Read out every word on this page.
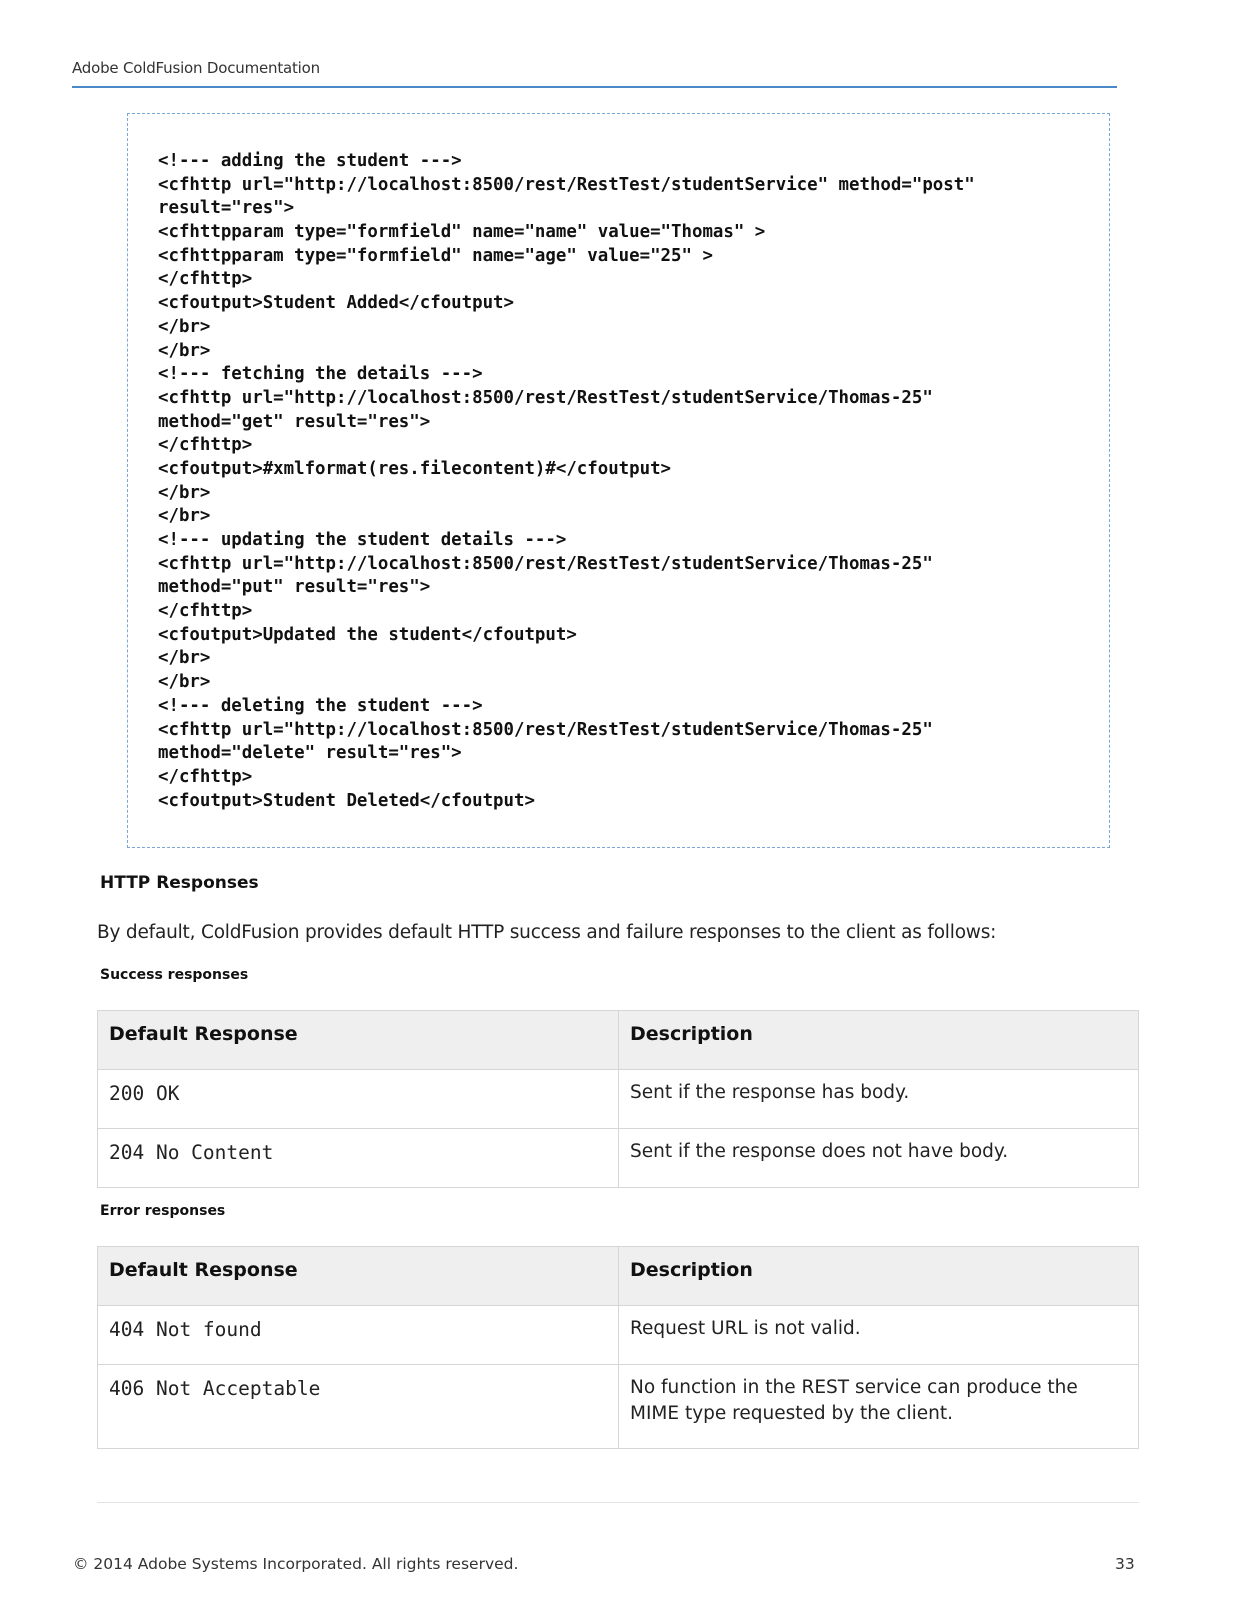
Adobe ColdFusion Documentation
<!--- adding the student --->
<cfhttp url="http://localhost:8500/rest/RestTest/studentService" method="post"
result="res">
<cfhttpparam type="formfield" name="name" value="Thomas" >
<cfhttpparam type="formfield" name="age" value="25" >
</cfhttp>
<cfoutput>Student Added</cfoutput>
</br>
</br>
<!--- fetching the details --->
<cfhttp url="http://localhost:8500/rest/RestTest/studentService/Thomas-25"
method="get" result="res">
</cfhttp>
<cfoutput>#xmlformat(res.filecontent)#</cfoutput>
</br>
</br>
<!--- updating the student details --->
<cfhttp url="http://localhost:8500/rest/RestTest/studentService/Thomas-25"
method="put" result="res">
</cfhttp>
<cfoutput>Updated the student</cfoutput>
</br>
</br>
<!--- deleting the student --->
<cfhttp url="http://localhost:8500/rest/RestTest/studentService/Thomas-25"
method="delete" result="res">
</cfhttp>
<cfoutput>Student Deleted</cfoutput>
HTTP Responses

By default, ColdFusion provides default HTTP success and failure responses to the client as follows:

Success responses
Default Response	Description
200 OK	Sent if the response has body.
204 No Content	Sent if the response does not have body.
Error responses
Default Response	Description
404 Not found	Request URL is not valid.
406 Not Acceptable	No function in the REST service can produce the MIME type requested by the client.

© 2014 Adobe Systems Incorporated. All rights reserved.	33
